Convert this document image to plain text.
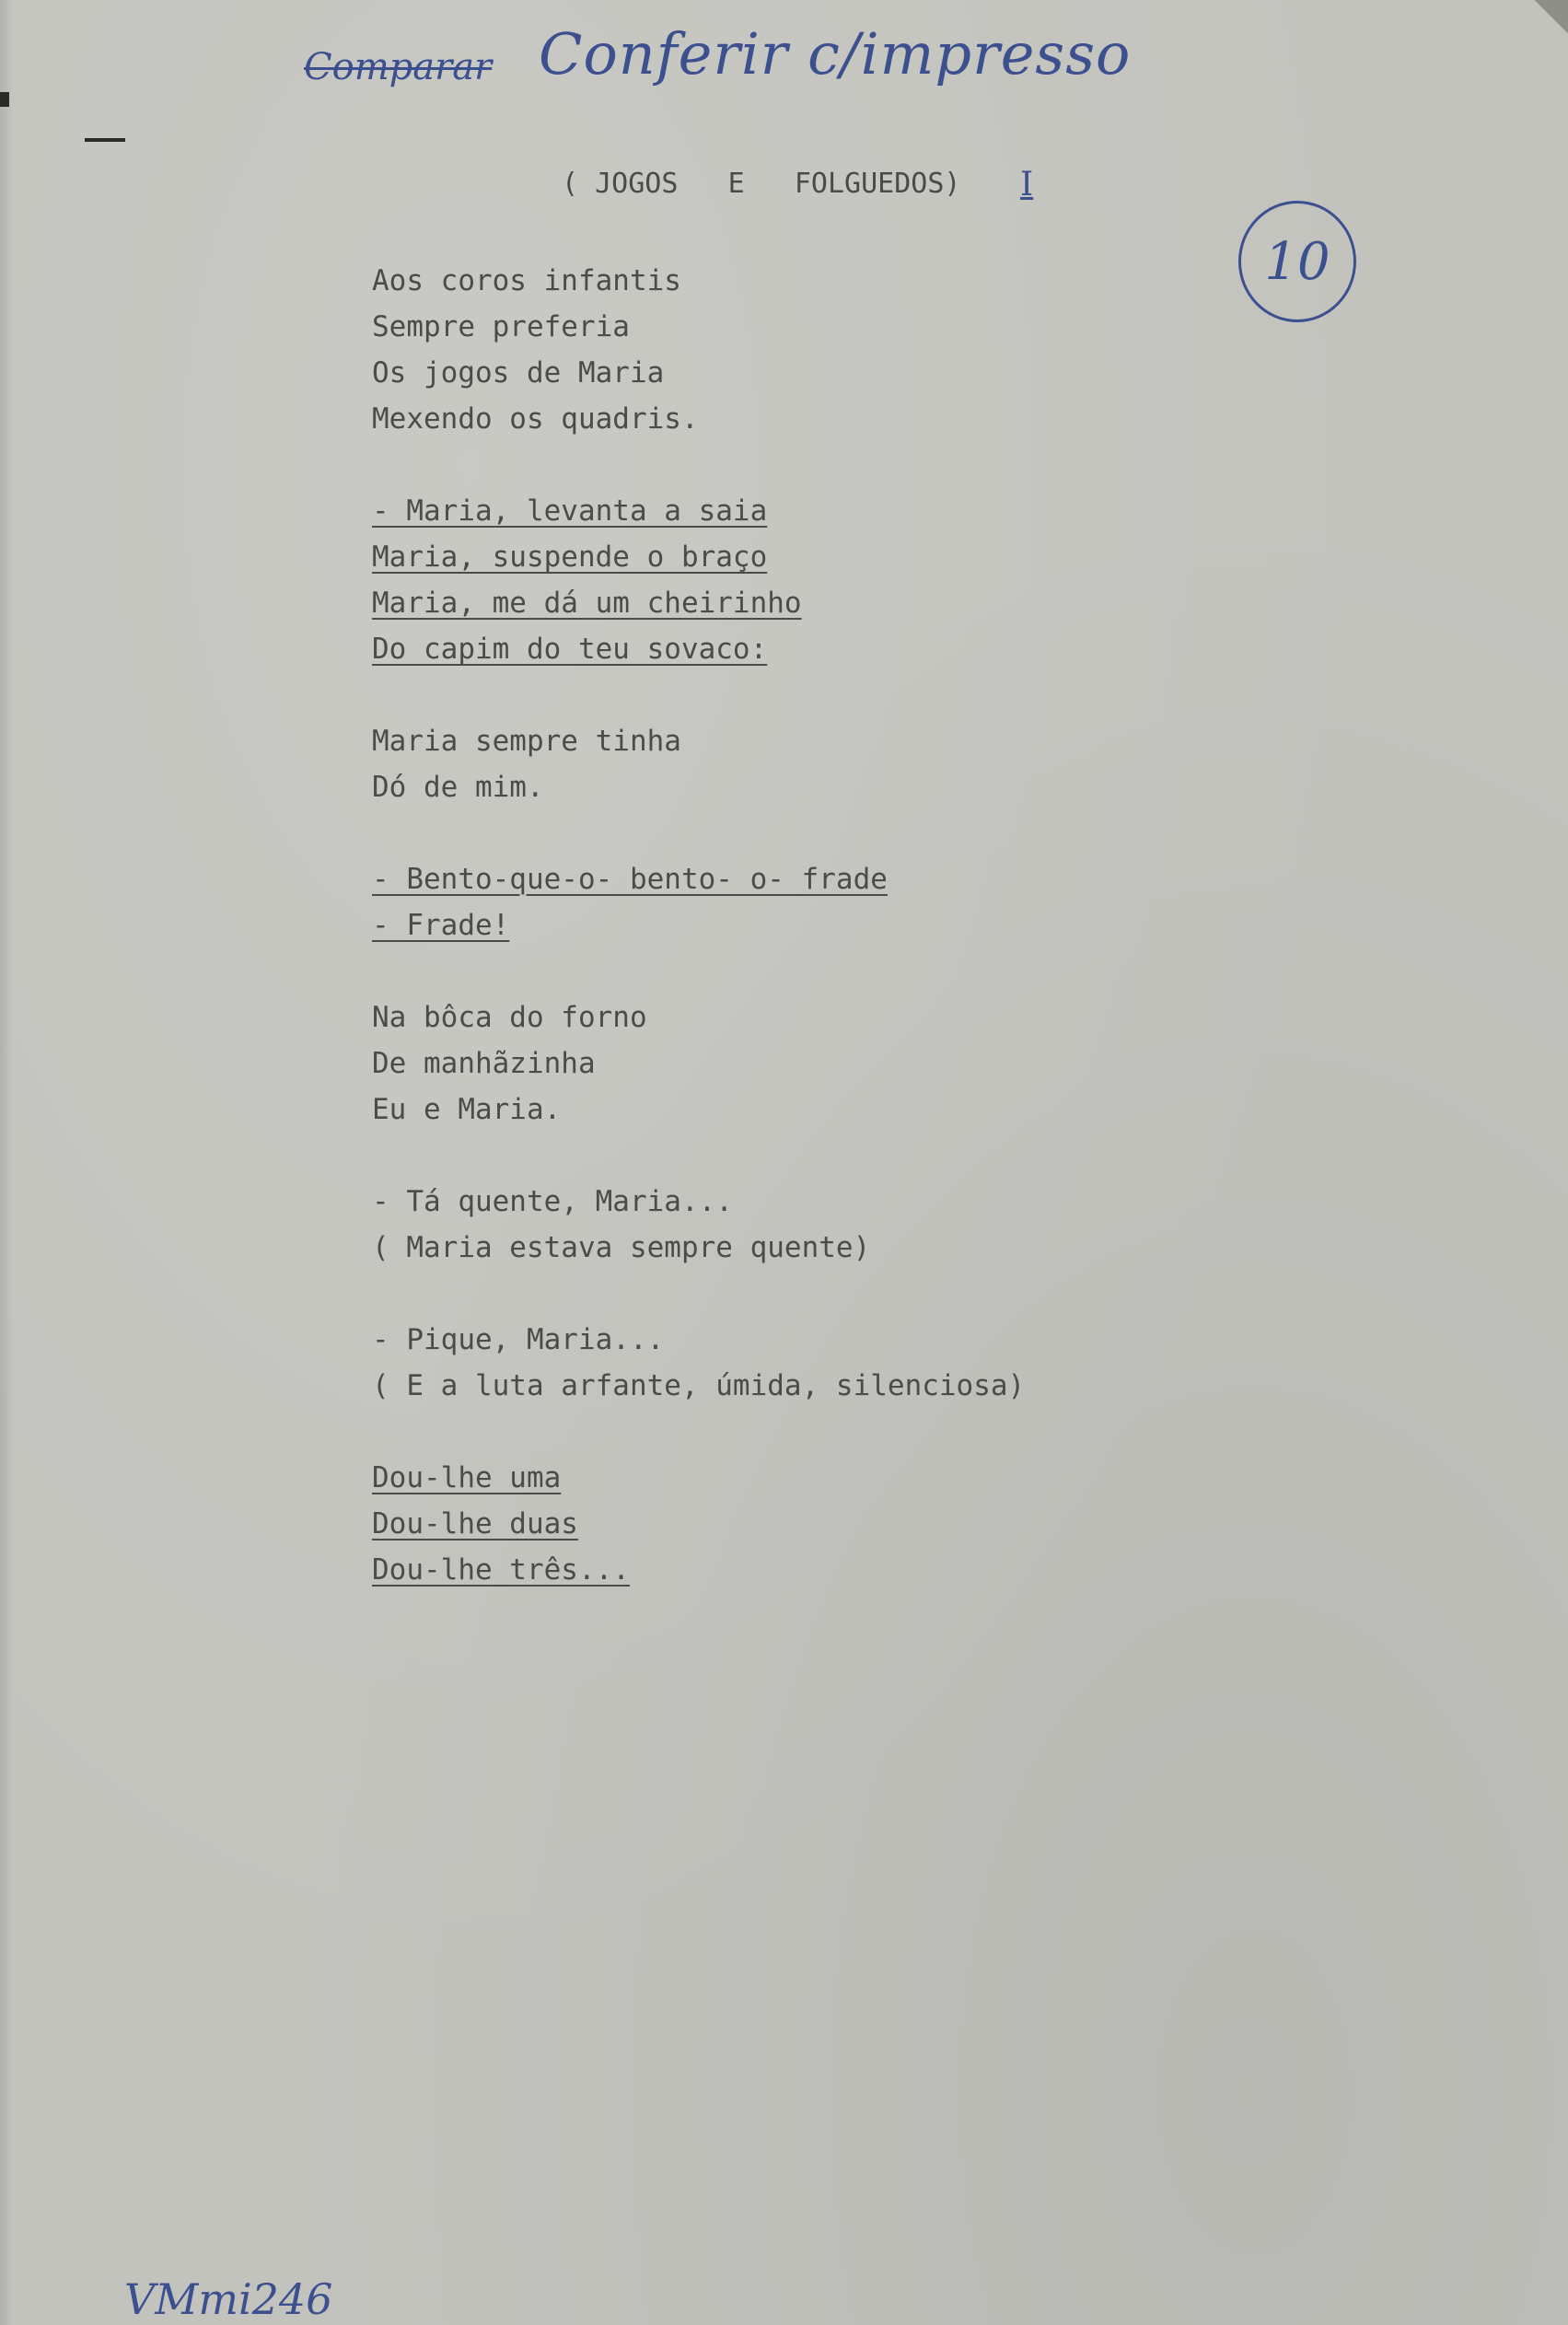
Comparar Conferir c/impresso
10
( JOGOS   E   FOLGUEDOS) I
Aos coros infantis
Sempre preferia
Os jogos de Maria
Mexendo os quadris.
- Maria, levanta a saia
Maria, suspende o braço
Maria, me dá um cheirinho
Do capim do teu sovaco:
Maria sempre tinha
Dó de mim.
- Bento-que-o- bento- o- frade
- Frade!
Na bôca do forno
De manhãzinha
Eu e Maria.
- Tá quente, Maria...
( Maria estava sempre quente)
- Pique, Maria...
( E a luta arfante, úmida, silenciosa)
Dou-lhe uma
Dou-lhe duas
Dou-lhe três...
VMmi246
